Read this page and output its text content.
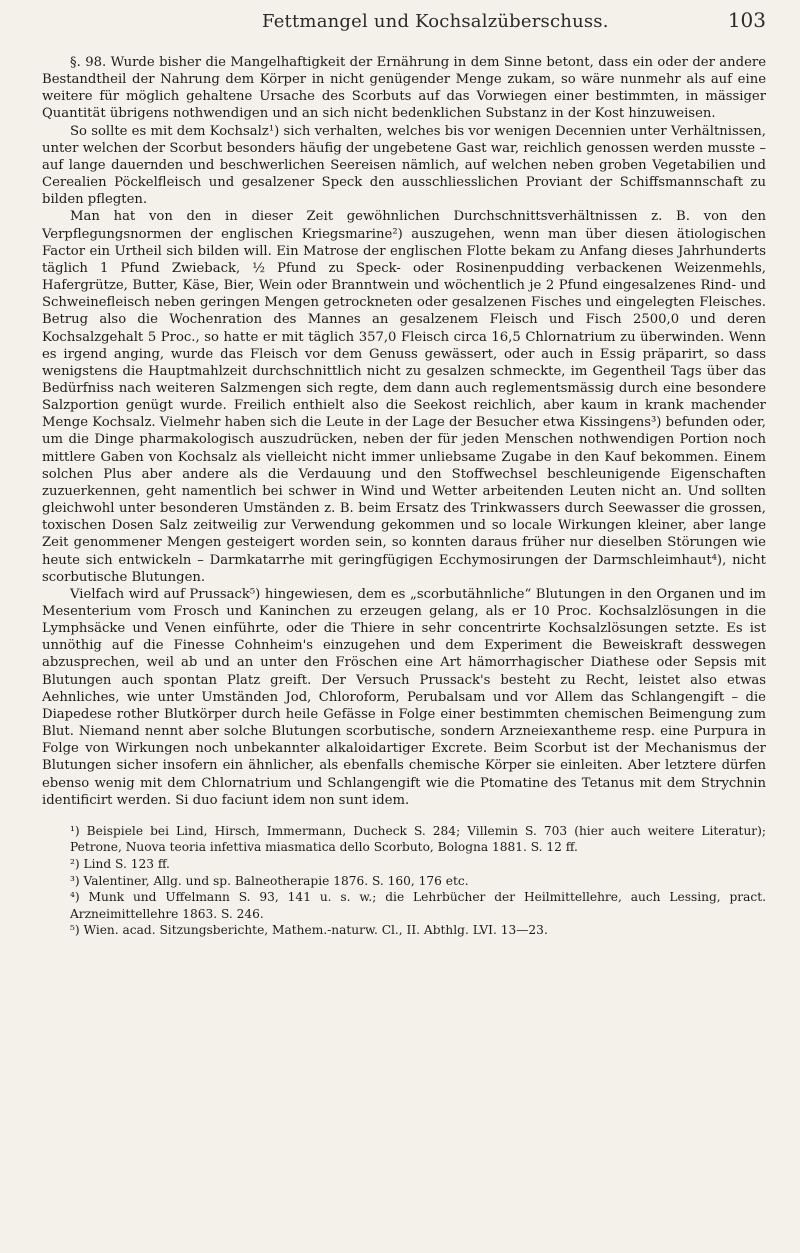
Fettmangel und Kochsalzüberschuss.	103

§. 98. Wurde bisher die Mangelhaftigkeit der Ernährung in dem Sinne betont, dass ein oder der andere Bestandtheil der Nahrung dem Körper in nicht genügender Menge zukam, so wäre nunmehr als auf eine weitere für möglich gehaltene Ursache des Scorbuts auf das Vorwiegen einer bestimmten, in mässiger Quantität übrigens nothwendigen und an sich nicht bedenklichen Substanz in der Kost hinzuweisen.

So sollte es mit dem Kochsalz¹) sich verhalten, welches bis vor wenigen Decennien unter Verhältnissen, unter welchen der Scorbut besonders häufig der ungebetene Gast war, reichlich genossen werden musste – auf lange dauernden und beschwerlichen Seereisen nämlich, auf welchen neben groben Vegetabilien und Cerealien Pöckelfleisch und gesalzener Speck den ausschliesslichen Proviant der Schiffsmannschaft zu bilden pflegten.

Man hat von den in dieser Zeit gewöhnlichen Durchschnittsverhältnissen z. B. von den Verpflegungsnormen der englischen Kriegsmarine²) auszugehen, wenn man über diesen ätiologischen Factor ein Urtheil sich bilden will. Ein Matrose der englischen Flotte bekam zu Anfang dieses Jahrhunderts täglich 1 Pfund Zwieback, ½ Pfund zu Speck- oder Rosinenpudding verbackenen Weizenmehls, Hafergrütze, Butter, Käse, Bier, Wein oder Branntwein und wöchentlich je 2 Pfund eingesalzenes Rind- und Schweinefleisch neben geringen Mengen getrockneten oder gesalzenen Fisches und eingelegten Fleisches. Betrug also die Wochenration des Mannes an gesalzenem Fleisch und Fisch 2500,0 und deren Kochsalzgehalt 5 Proc., so hatte er mit täglich 357,0 Fleisch circa 16,5 Chlornatrium zu überwinden. Wenn es irgend anging, wurde das Fleisch vor dem Genuss gewässert, oder auch in Essig präparirt, so dass wenigstens die Hauptmahlzeit durchschnittlich nicht zu gesalzen schmeckte, im Gegentheil Tags über das Bedürfniss nach weiteren Salzmengen sich regte, dem dann auch reglementsmässig durch eine besondere Salzportion genügt wurde. Freilich enthielt also die Seekost reichlich, aber kaum in krank machender Menge Kochsalz. Vielmehr haben sich die Leute in der Lage der Besucher etwa Kissingens³) befunden oder, um die Dinge pharmakologisch auszudrücken, neben der für jeden Menschen nothwendigen Portion noch mittlere Gaben von Kochsalz als vielleicht nicht immer unliebsame Zugabe in den Kauf bekommen. Einem solchen Plus aber andere als die Verdauung und den Stoffwechsel beschleunigende Eigenschaften zuzuerkennen, geht namentlich bei schwer in Wind und Wetter arbeitenden Leuten nicht an. Und sollten gleichwohl unter besonderen Umständen z. B. beim Ersatz des Trinkwassers durch Seewasser die grossen, toxischen Dosen Salz zeitweilig zur Verwendung gekommen und so locale Wirkungen kleiner, aber lange Zeit genommener Mengen gesteigert worden sein, so konnten daraus früher nur dieselben Störungen wie heute sich entwickeln – Darmkatarrhe mit geringfügigen Ecchymosirungen der Darmschleimhaut⁴), nicht scorbutische Blutungen.

Vielfach wird auf Prussack⁵) hingewiesen, dem es „scorbutähnliche“ Blutungen in den Organen und im Mesenterium vom Frosch und Kaninchen zu erzeugen gelang, als er 10 Proc. Kochsalzlösungen in die Lymphsäcke und Venen einführte, oder die Thiere in sehr concentrirte Kochsalzlösungen setzte. Es ist unnöthig auf die Finesse Cohnheim's einzugehen und dem Experiment die Beweiskraft desswegen abzusprechen, weil ab und an unter den Fröschen eine Art hämorrhagischer Diathese oder Sepsis mit Blutungen auch spontan Platz greift. Der Versuch Prussack's besteht zu Recht, leistet also etwas Aehnliches, wie unter Umständen Jod, Chloroform, Perubalsam und vor Allem das Schlangengift – die Diapedese rother Blutkörper durch heile Gefässe in Folge einer bestimmten chemischen Beimengung zum Blut. Niemand nennt aber solche Blutungen scorbutische, sondern Arzneiexantheme resp. eine Purpura in Folge von Wirkungen noch unbekannter alkaloidartiger Excrete. Beim Scorbut ist der Mechanismus der Blutungen sicher insofern ein ähnlicher, als ebenfalls chemische Körper sie einleiten. Aber letztere dürfen ebenso wenig mit dem Chlornatrium und Schlangengift wie die Ptomatine des Tetanus mit dem Strychnin identificirt werden. Si duo faciunt idem non sunt idem.

¹) Beispiele bei Lind, Hirsch, Immermann, Ducheck S. 284; Villemin S. 703 (hier auch weitere Literatur); Petrone, Nuova teoria infettiva miasmatica dello Scorbuto, Bologna 1881. S. 12 ff.
²) Lind S. 123 ff.
³) Valentiner, Allg. und sp. Balneotherapie 1876. S. 160, 176 etc.
⁴) Munk und Uffelmann S. 93, 141 u. s. w.; die Lehrbücher der Heilmittellehre, auch Lessing, pract. Arzneimittellehre 1863. S. 246.
⁵) Wien. acad. Sitzungsberichte, Mathem.-naturw. Cl., II. Abthlg. LVI. 13—23.
